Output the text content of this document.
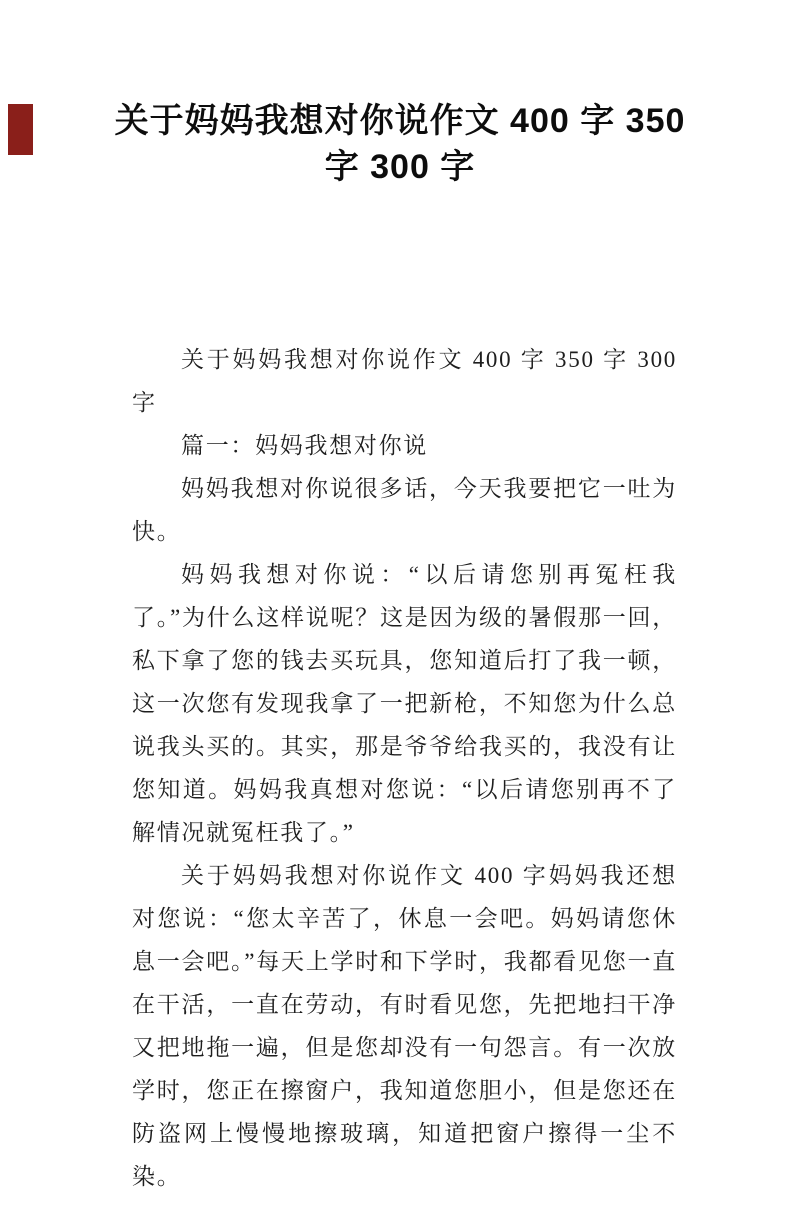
关于妈妈我想对你说作文 400 字 350
字 300 字

关于妈妈我想对你说作文 400 字 350 字 300 字

篇一：妈妈我想对你说

妈妈我想对你说很多话，今天我要把它一吐为快。

妈妈我想对你说：“以后请您别再冤枉我了。”为什么这样说呢？这是因为级的暑假那一回，私下拿了您的钱去买玩具，您知道后打了我一顿，这一次您有发现我拿了一把新枪，不知您为什么总说我头买的。其实，那是爷爷给我买的，我没有让您知道。妈妈我真想对您说：“以后请您别再不了解情况就冤枉我了。”

关于妈妈我想对你说作文 400 字妈妈我还想对您说：“您太辛苦了，休息一会吧。妈妈请您休息一会吧。”每天上学时和下学时，我都看见您一直在干活，一直在劳动，有时看见您，先把地扫干净又把地拖一遍，但是您却没有一句怨言。有一次放学时，您正在擦窗户，我知道您胆小，但是您还在防盗网上慢慢地擦玻璃，知道把窗户擦得一尘不染。
